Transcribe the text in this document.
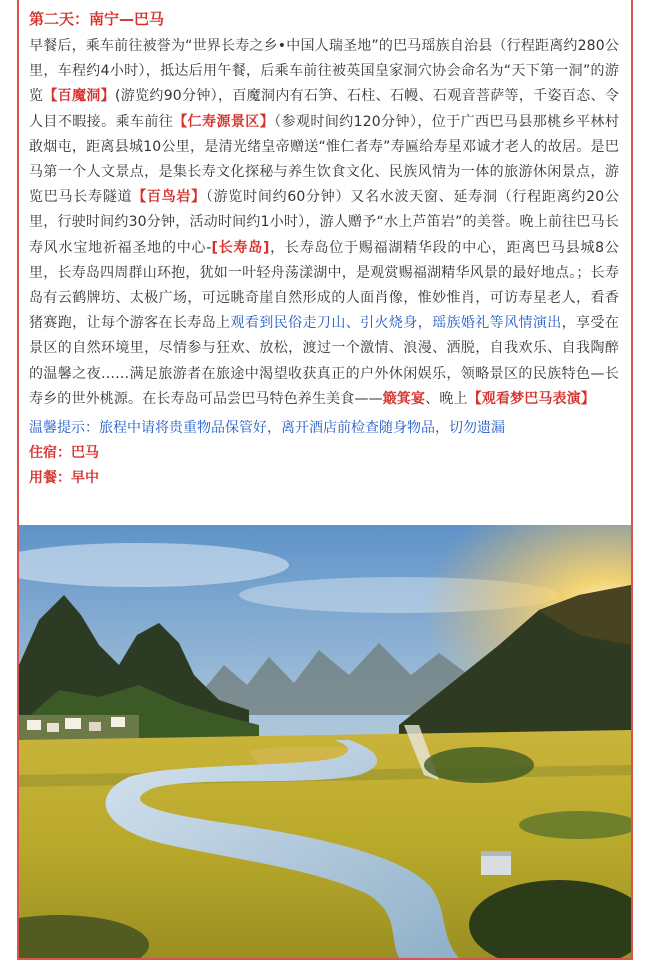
第二天：南宁—巴马

早餐后，乘车前往被誉为“世界长寿之乡•中国人瑞圣地”的巴马瑶族自治县（行程距离约280公里，车程约4小时），抵达后用午餐，后乘车前往被英国皇家洞穴协会命名为“天下第一洞”的游览【百魔洞】(游览约90分钟），百魔洞内有石笋、石柱、石幔、石观音菩萨等，千姿百态、令人目不暇接。乘车前往【仁寿源景区】（参观时间约120分钟），位于广西巴马县那桃乡平林村敢烟屯，距离县城10公里，是清光绪皇帝赠送“惟仁者寿”寿匾给寿星邓诚才老人的故居。是巴马第一个人文景点，是集长寿文化探秘与养生饮食文化、民族风情为一体的旅游休闲景点，游览巴马长寿隧道【百鸟岩】（游览时间约60分钟）又名水波天窗、延寿洞（行程距离约20公里，行驶时间约30分钟，活动时间约1小时），游人赠予“水上芦笛岩”的美誉。晚上前往巴马长寿风水宝地祈福圣地的中心-[长寿岛]，长寿岛位于赐福湖精华段的中心，距离巴马县城8公里，长寿岛四周群山环抱，犹如一叶轻舟荡漾湖中，是观赏赐福湖精华风景的最好地点。；长寿岛有云鹤牌坊、太极广场，可远眺奇崖自然形成的人面肖像，惟妙惟肖，可访寿星老人，看香猪赛跑，让每个游客在长寿岛上观看到民俗走刀山、引火烧身，瑶族婚礼等风情演出，享受在景区的自然环境里，尽情参与狂欢、放松，渡过一个激情、浪漫、洒脱，自我欢乐、自我陶醉的温馨之夜……满足旅游者在旅途中渴望收获真正的户外休闲娱乐，领略景区的民族特色—长寿乡的世外桃源。在长寿岛可品尝巴马特色养生美食——簸箕宴、晚上【观看梦巴马表演】

温馨提示：旅程中请将贵重物品保管好，离开酒店前检查随身物品，切勿遗漏
住宿：巴马
用餐：早中
